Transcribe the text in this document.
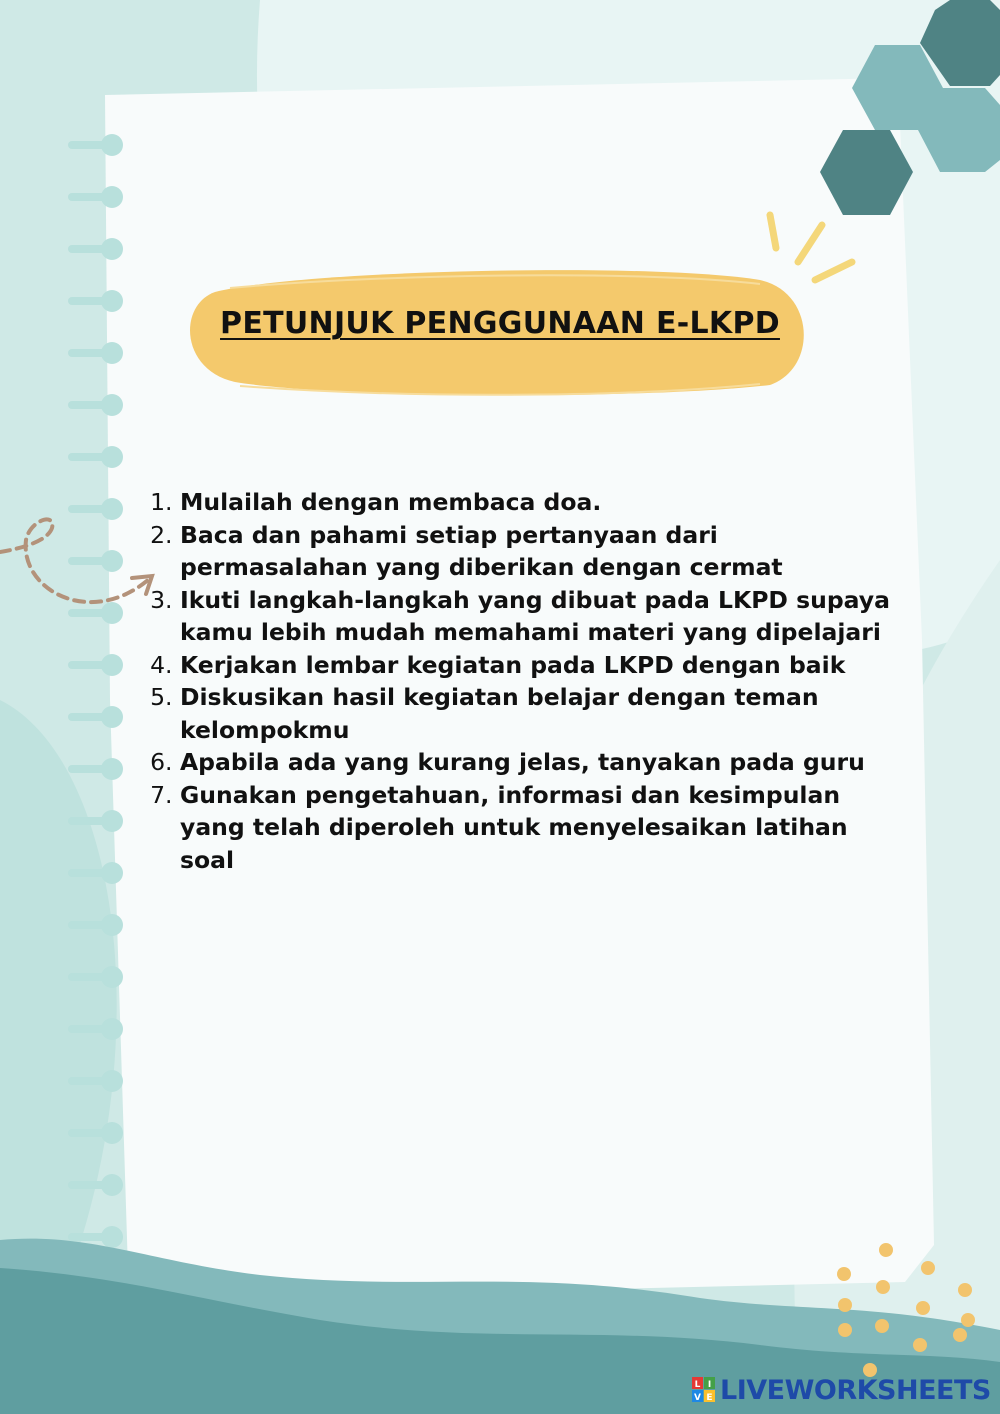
PETUNJUK PENGGUNAAN E-LKPD
1. Mulailah dengan membaca doa.
2. Baca dan pahami setiap pertanyaan dari permasalahan yang diberikan dengan cermat
3. Ikuti langkah-langkah yang dibuat pada LKPD supaya kamu lebih mudah memahami materi yang dipelajari
4. Kerjakan lembar kegiatan pada LKPD dengan baik
5. Diskusikan hasil kegiatan belajar dengan teman kelompokmu
6. Apabila ada yang kurang jelas, tanyakan pada guru
7. Gunakan pengetahuan, informasi dan kesimpulan yang telah diperoleh untuk menyelesaikan latihan soal
L I
V E LIVEWORKSHEETS
